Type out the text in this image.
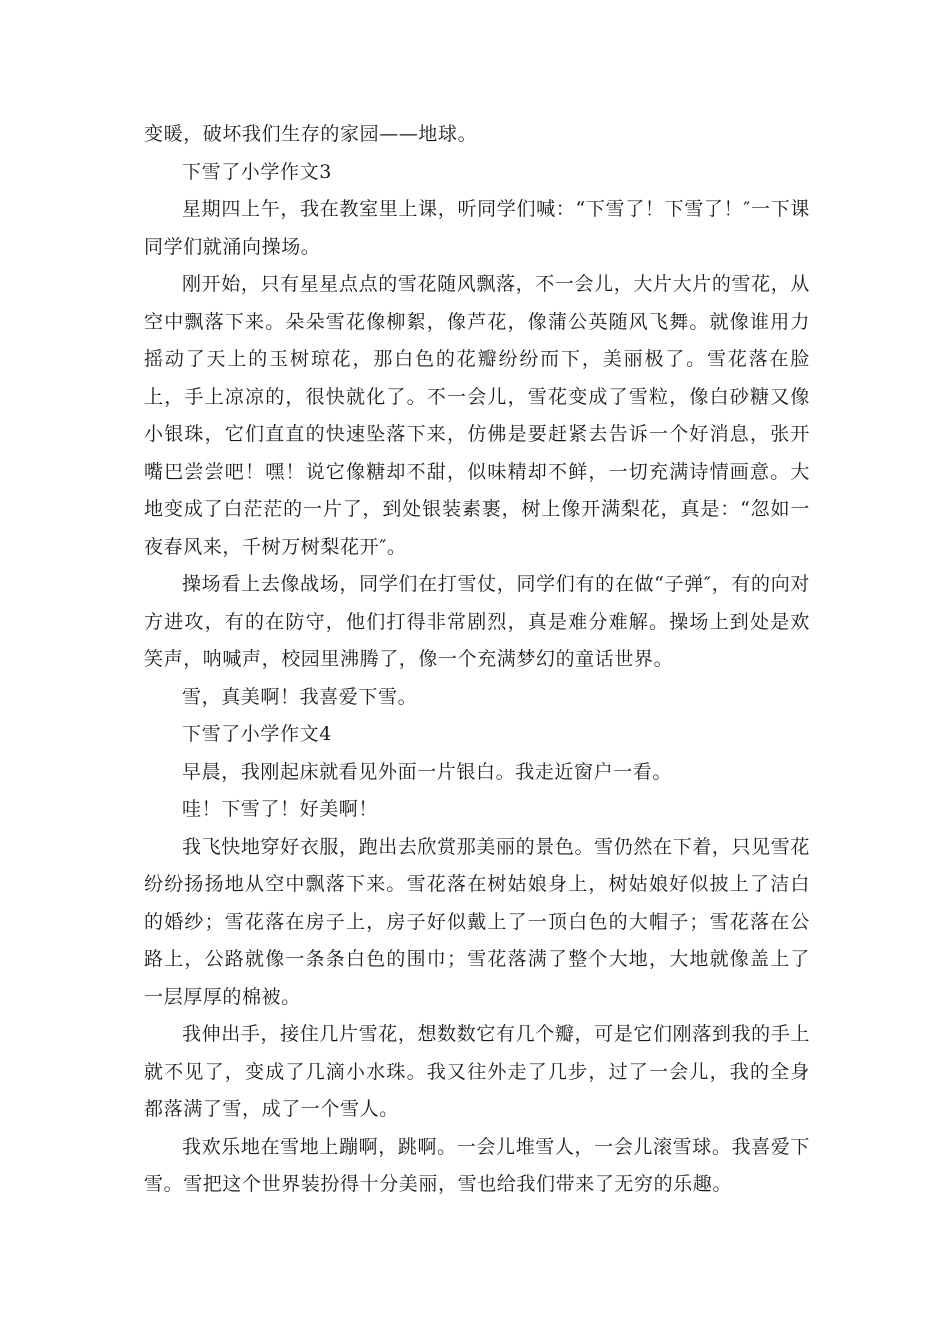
变暖，破坏我们生存的家园——地球。

下雪了小学作文3

星期四上午，我在教室里上课，听同学们喊：“下雪了！下雪了！″一下课同学们就涌向操场。

刚开始，只有星星点点的雪花随风飘落，不一会儿，大片大片的雪花，从空中飘落下来。朵朵雪花像柳絮，像芦花，像蒲公英随风飞舞。就像谁用力摇动了天上的玉树琼花，那白色的花瓣纷纷而下，美丽极了。雪花落在脸上，手上凉凉的，很快就化了。不一会儿，雪花变成了雪粒，像白砂糖又像小银珠，它们直直的快速坠落下来，仿佛是要赶紧去告诉一个好消息，张开嘴巴尝尝吧！嘿！说它像糖却不甜，似味精却不鲜，一切充满诗情画意。大地变成了白茫茫的一片了，到处银装素裹，树上像开满梨花，真是：“忽如一夜春风来，千树万树梨花开″。

操场看上去像战场，同学们在打雪仗，同学们有的在做“子弹″，有的向对方进攻，有的在防守，他们打得非常剧烈，真是难分难解。操场上到处是欢笑声，呐喊声，校园里沸腾了，像一个充满梦幻的童话世界。

雪，真美啊！我喜爱下雪。

下雪了小学作文4

早晨，我刚起床就看见外面一片银白。我走近窗户一看。

哇！下雪了！好美啊！

我飞快地穿好衣服，跑出去欣赏那美丽的景色。雪仍然在下着，只见雪花纷纷扬扬地从空中飘落下来。雪花落在树姑娘身上，树姑娘好似披上了洁白的婚纱；雪花落在房子上，房子好似戴上了一顶白色的大帽子；雪花落在公路上，公路就像一条条白色的围巾；雪花落满了整个大地，大地就像盖上了一层厚厚的棉被。

我伸出手，接住几片雪花，想数数它有几个瓣，可是它们刚落到我的手上就不见了，变成了几滴小水珠。我又往外走了几步，过了一会儿，我的全身都落满了雪，成了一个雪人。

我欢乐地在雪地上蹦啊，跳啊。一会儿堆雪人，一会儿滚雪球。我喜爱下雪。雪把这个世界装扮得十分美丽，雪也给我们带来了无穷的乐趣。
